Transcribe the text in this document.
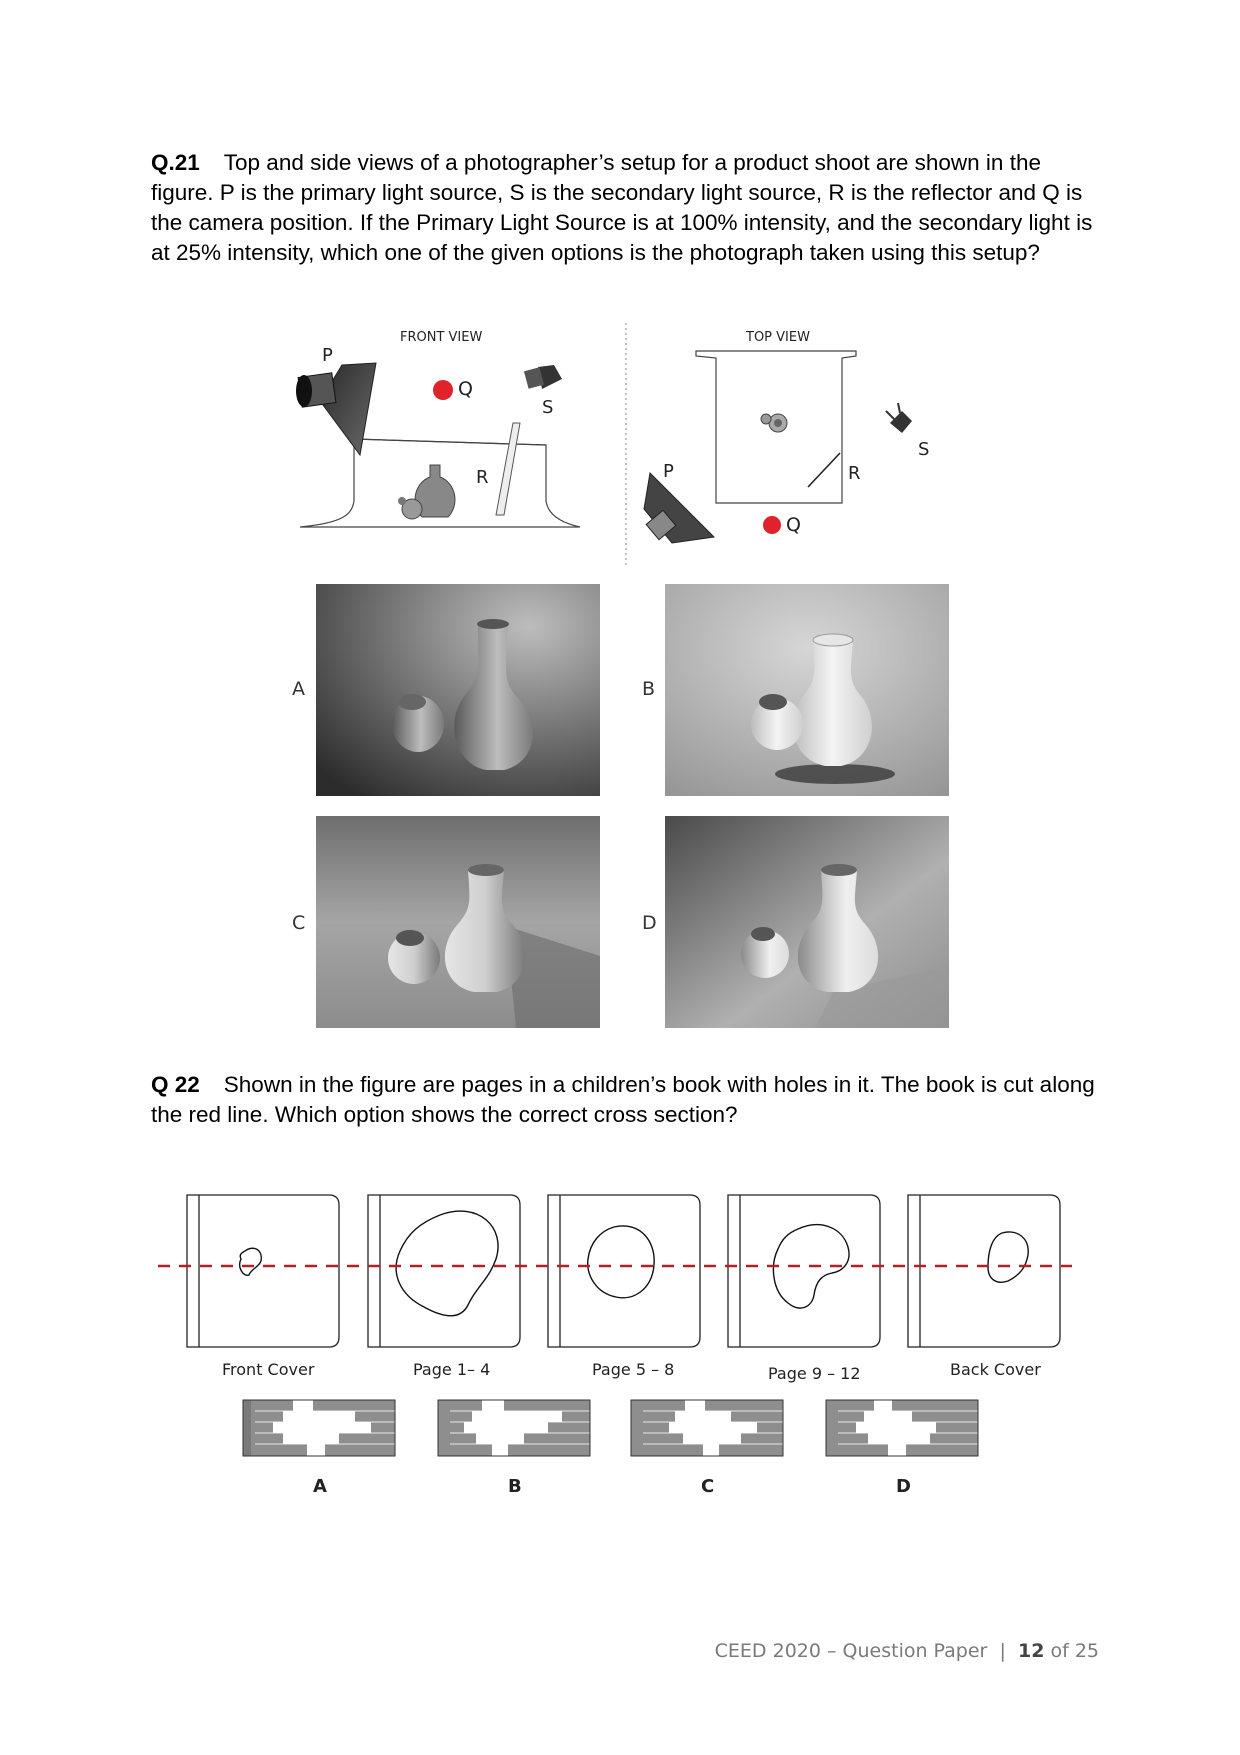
Q.21 Top and side views of a photographer’s setup for a product shoot are shown in the figure. P is the primary light source, S is the secondary light source, R is the reflector and Q is the camera position. If the Primary Light Source is at 100% intensity, and the secondary light is at 25% intensity, which one of the given options is the photograph taken using this setup?
FRONT VIEW
P
Q
S
R
TOP VIEW
R
P
Q
S
A	B
C	D
Q 22 Shown in the figure are pages in a children’s book with holes in it. The book is cut along the red line. Which option shows the correct cross section?
Front Cover	Page 1– 4	Page 5 – 8	Page 9 – 12	Back Cover
A	B	C	D
CEED 2020 – Question Paper | 12 of 25
